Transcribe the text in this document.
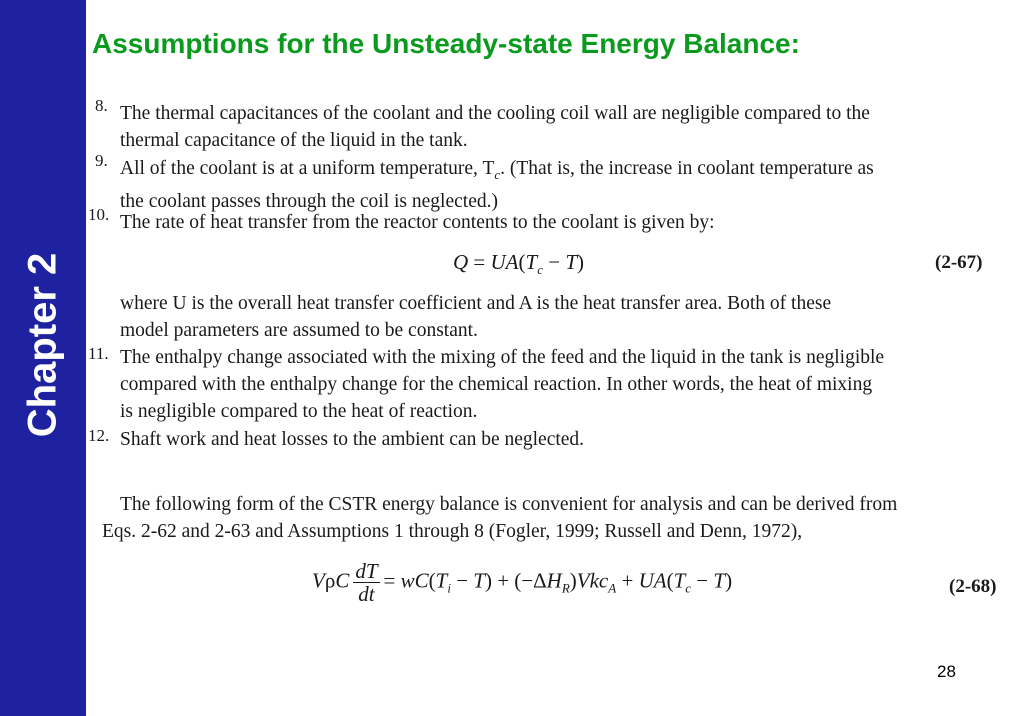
Chapter 2
Assumptions for the Unsteady-state Energy Balance:
8. The thermal capacitances of the coolant and the cooling coil wall are negligible compared to the
thermal capacitance of the liquid in the tank.
9. All of the coolant is at a uniform temperature, $T_c$. (That is, the increase in coolant temperature as
the coolant passes through the coil is neglected.)
10. The rate of heat transfer from the reactor contents to the coolant is given by:
$Q = UA(T_c - T)$	(2-67)
where U is the overall heat transfer coefficient and A is the heat transfer area. Both of these
model parameters are assumed to be constant.
11. The enthalpy change associated with the mixing of the feed and the liquid in the tank is negligible
compared with the enthalpy change for the chemical reaction. In other words, the heat of mixing
is negligible compared to the heat of reaction.
12. Shaft work and heat losses to the ambient can be neglected.
The following form of the CSTR energy balance is convenient for analysis and can be derived from
Eqs. 2-62 and 2-63 and Assumptions 1 through 8 (Fogler, 1999; Russell and Denn, 1972),
VρC $\frac{dT}{dt} = wC(T_i - T) + (-\Delta H_R)Vkc_A + UA(T_c - T)$	(2-68)
28
